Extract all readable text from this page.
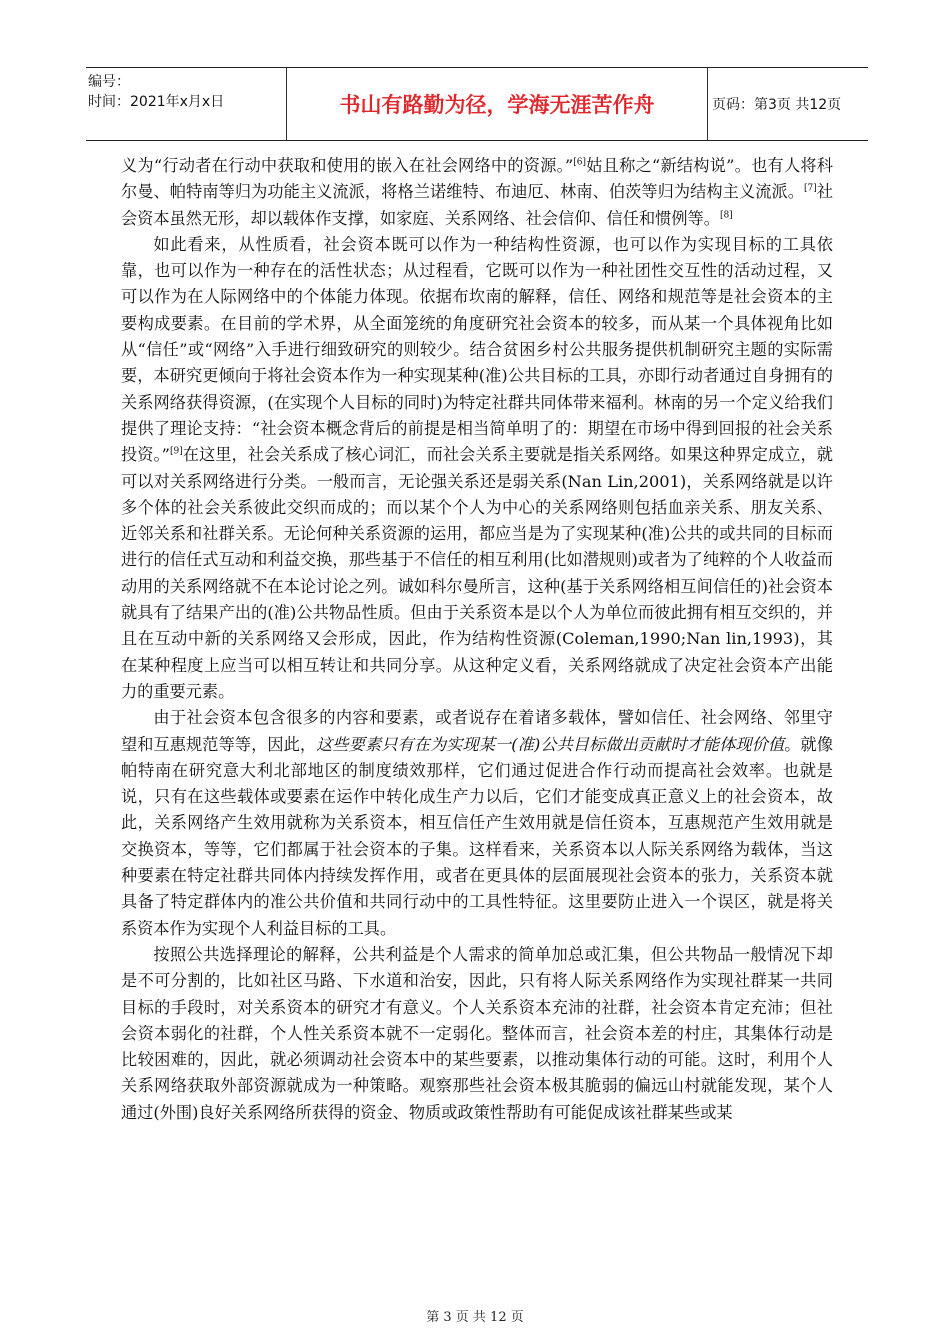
编号：
时间：2021年x月x日	书山有路勤为径，学海无涯苦作舟	页码：第3页 共12页

义为“行动者在行动中获取和使用的嵌入在社会网络中的资源。”[6]姑且称之“新结构说”。也有人将科尔曼、帕特南等归为功能主义流派，将格兰诺维特、布迪厄、林南、伯茨等归为结构主义流派。[7]社会资本虽然无形，却以载体作支撑，如家庭、关系网络、社会信仰、信任和惯例等。[8]

如此看来，从性质看，社会资本既可以作为一种结构性资源，也可以作为实现目标的工具依靠，也可以作为一种存在的活性状态；从过程看，它既可以作为一种社团性交互性的活动过程，又可以作为在人际网络中的个体能力体现。依据布坎南的解释，信任、网络和规范等是社会资本的主要构成要素。在目前的学术界，从全面笼统的角度研究社会资本的较多，而从某一个具体视角比如从“信任”或“网络”入手进行细致研究的则较少。结合贫困乡村公共服务提供机制研究主题的实际需要，本研究更倾向于将社会资本作为一种实现某种(准)公共目标的工具，亦即行动者通过自身拥有的关系网络获得资源，(在实现个人目标的同时)为特定社群共同体带来福利。林南的另一个定义给我们提供了理论支持：“社会资本概念背后的前提是相当简单明了的：期望在市场中得到回报的社会关系投资。”[9]在这里，社会关系成了核心词汇，而社会关系主要就是指关系网络。如果这种界定成立，就可以对关系网络进行分类。一般而言，无论强关系还是弱关系(Nan Lin,2001)，关系网络就是以许多个体的社会关系彼此交织而成的；而以某个个人为中心的关系网络则包括血亲关系、朋友关系、近邻关系和社群关系。无论何种关系资源的运用，都应当是为了实现某种(准)公共的或共同的目标而进行的信任式互动和利益交换，那些基于不信任的相互利用(比如潜规则)或者为了纯粹的个人收益而动用的关系网络就不在本论讨论之列。诚如科尔曼所言，这种(基于关系网络相互间信任的)社会资本就具有了结果产出的(准)公共物品性质。但由于关系资本是以个人为单位而彼此拥有相互交织的，并且在互动中新的关系网络又会形成，因此，作为结构性资源(Coleman,1990;Nan lin,1993)，其在某种程度上应当可以相互转让和共同分享。从这种定义看，关系网络就成了决定社会资本产出能力的重要元素。

由于社会资本包含很多的内容和要素，或者说存在着诸多载体，譬如信任、社会网络、邻里守望和互惠规范等等，因此，这些要素只有在为实现某一(准)公共目标做出贡献时才能体现价值。就像帕特南在研究意大利北部地区的制度绩效那样，它们通过促进合作行动而提高社会效率。也就是说，只有在这些载体或要素在运作中转化成生产力以后，它们才能变成真正意义上的社会资本，故此，关系网络产生效用就称为关系资本，相互信任产生效用就是信任资本，互惠规范产生效用就是交换资本，等等，它们都属于社会资本的子集。这样看来，关系资本以人际关系网络为载体，当这种要素在特定社群共同体内持续发挥作用，或者在更具体的层面展现社会资本的张力，关系资本就具备了特定群体内的准公共价值和共同行动中的工具性特征。这里要防止进入一个误区，就是将关系资本作为实现个人利益目标的工具。

按照公共选择理论的解释，公共利益是个人需求的简单加总或汇集，但公共物品一般情况下却是不可分割的，比如社区马路、下水道和治安，因此，只有将人际关系网络作为实现社群某一共同目标的手段时，对关系资本的研究才有意义。个人关系资本充沛的社群，社会资本肯定充沛；但社会资本弱化的社群，个人性关系资本就不一定弱化。整体而言，社会资本差的村庄，其集体行动是比较困难的，因此，就必须调动社会资本中的某些要素，以推动集体行动的可能。这时，利用个人关系网络获取外部资源就成为一种策略。观察那些社会资本极其脆弱的偏远山村就能发现，某个人通过(外围)良好关系网络所获得的资金、物质或政策性帮助有可能促成该社群某些或某

第 3 页 共 12 页
